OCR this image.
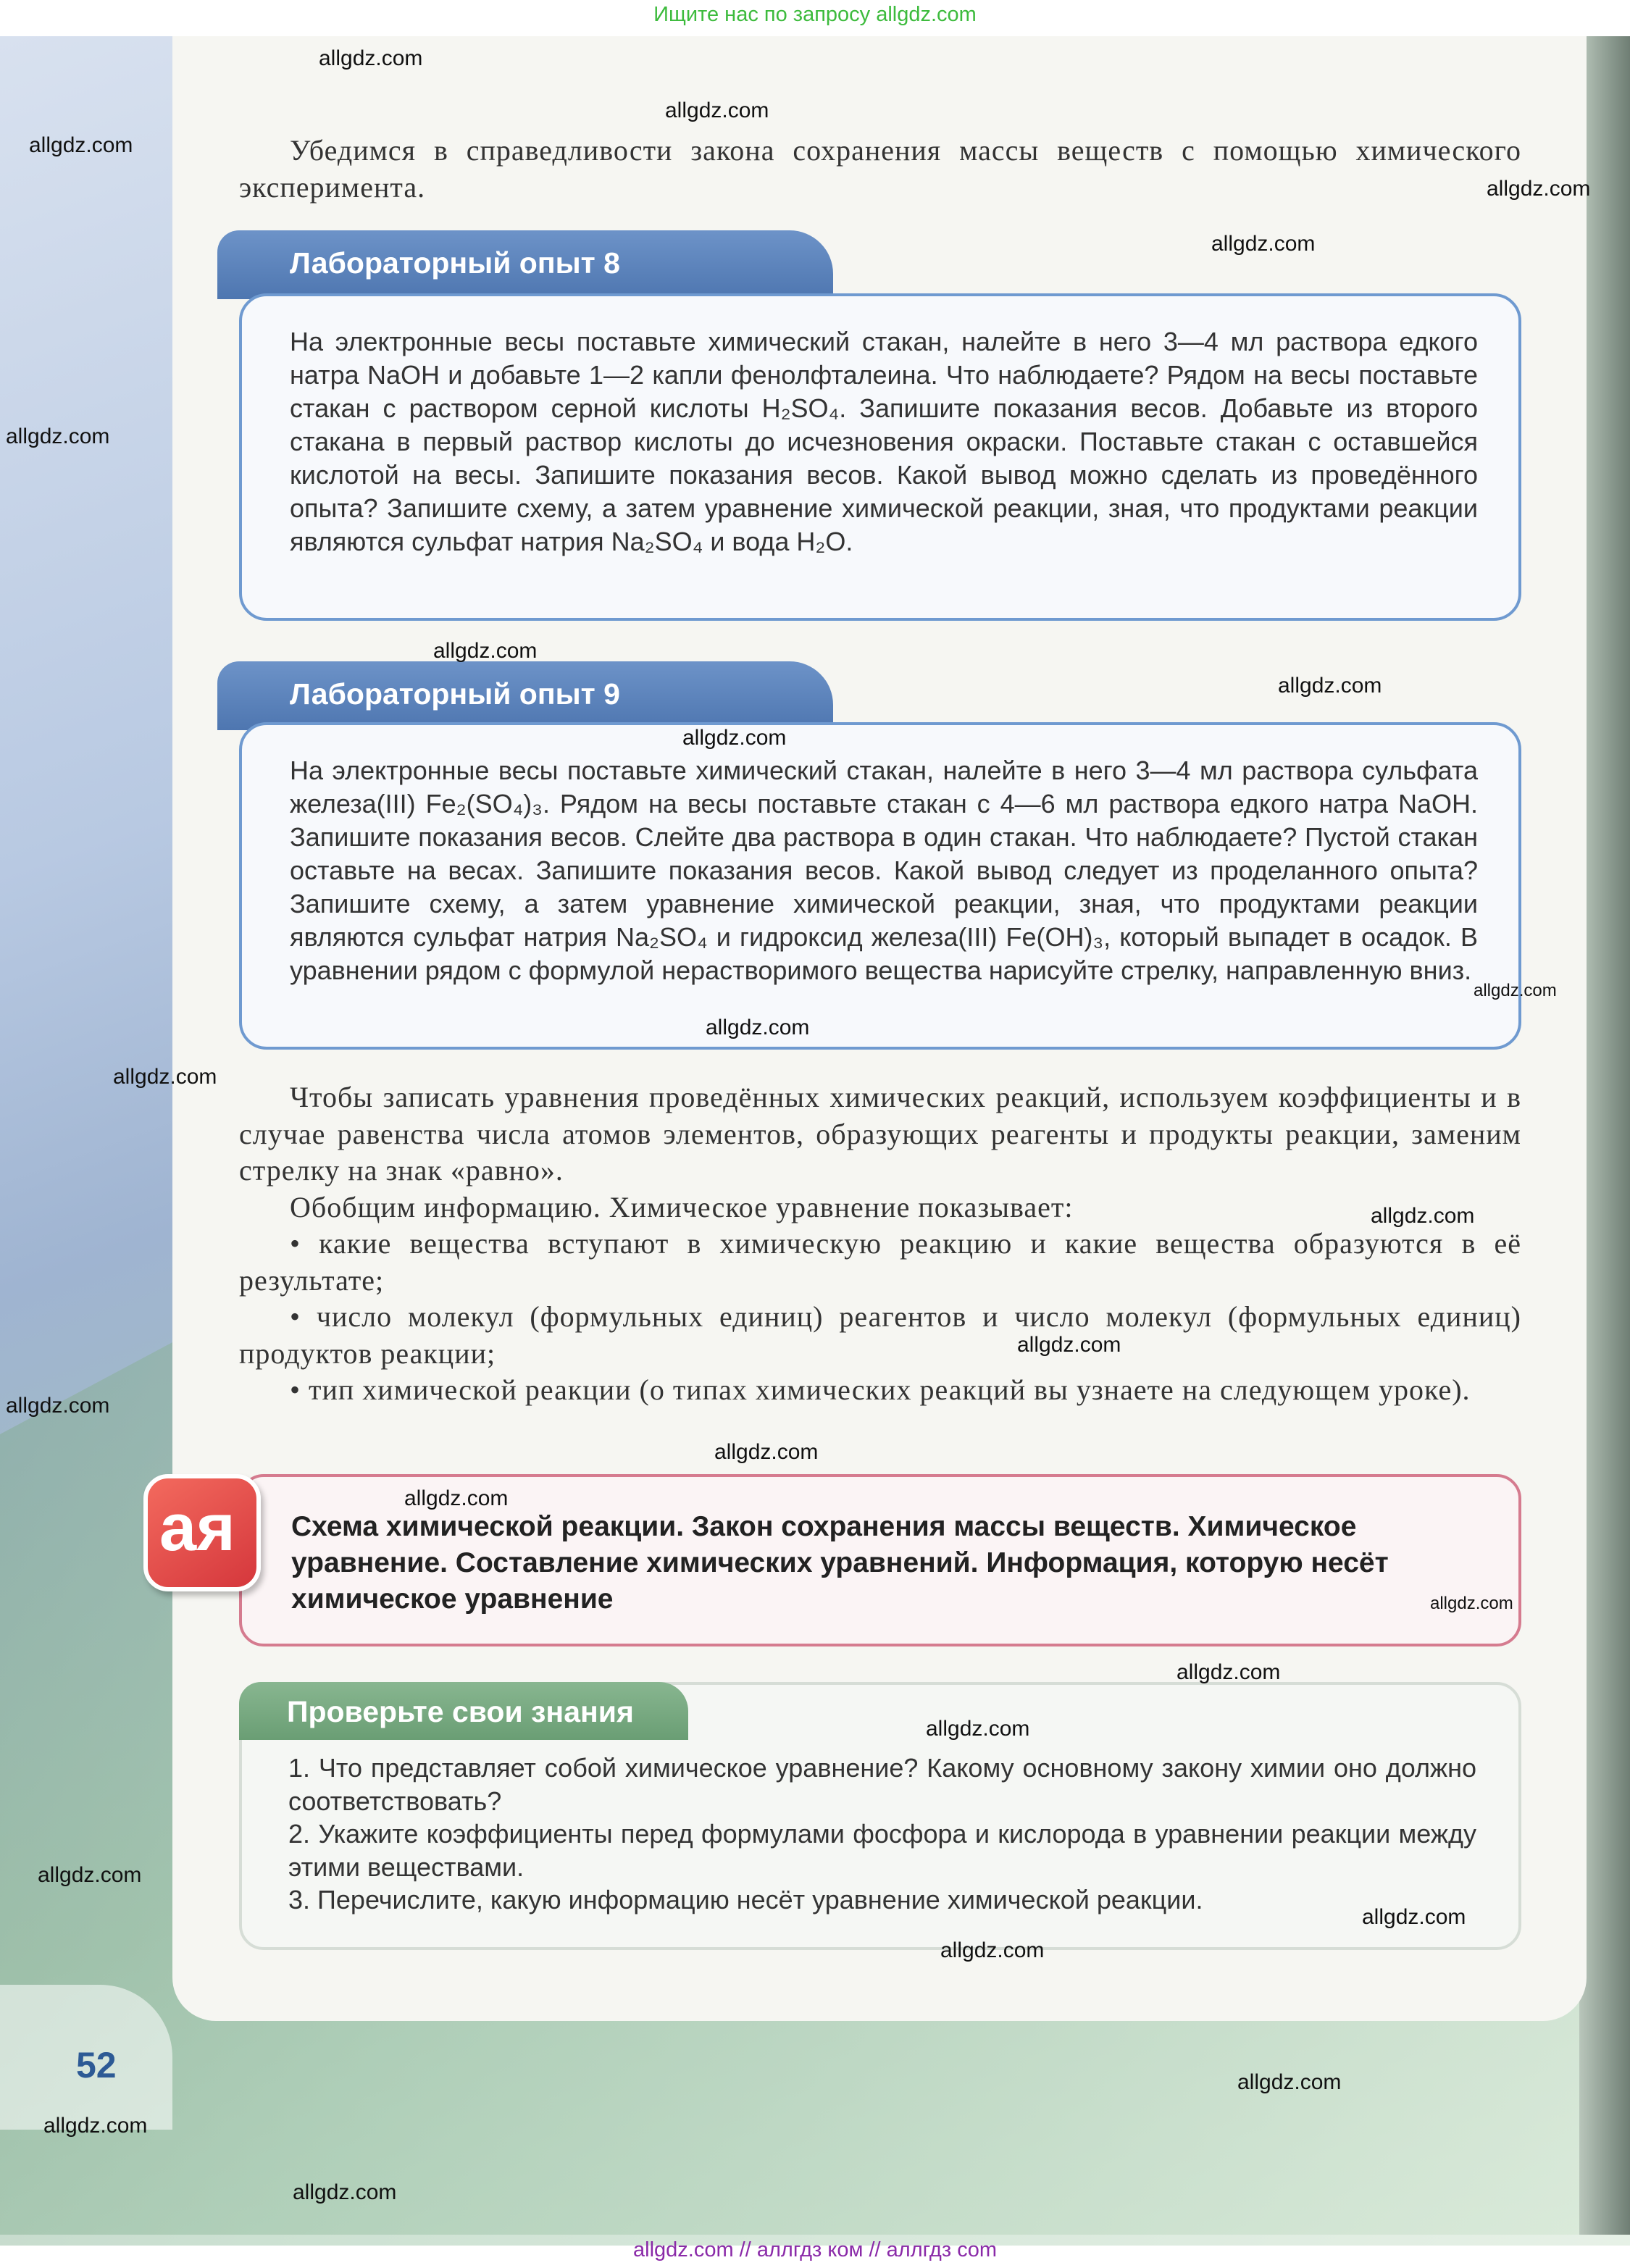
Ищите нас по запросу allgdz.com

Убедимся в справедливости закона сохранения массы веществ с помощью химического эксперимента.

Лабораторный опыт 8
На электронные весы поставьте химический стакан, налейте в него 3—4 мл раствора едкого натра NaOH и добавьте 1—2 капли фенолфталеина. Что наблюдаете? Рядом на весы поставьте стакан с раствором серной кислоты H₂SO₄. Запишите показания весов. Добавьте из второго стакана в первый раствор кислоты до исчезновения окраски. Поставьте стакан с оставшейся кислотой на весы. Запишите показания весов. Какой вывод можно сделать из проведённого опыта? Запишите схему, а затем уравнение химической реакции, зная, что продуктами реакции являются сульфат натрия Na₂SO₄ и вода H₂O.
Лабораторный опыт 9
На электронные весы поставьте химический стакан, налейте в него 3—4 мл раствора сульфата железа(III) Fe₂(SO₄)₃. Рядом на весы поставьте стакан с 4—6 мл раствора едкого натра NaOH. Запишите показания весов. Слейте два раствора в один стакан. Что наблюдаете? Пустой стакан оставьте на весах. Запишите показания весов. Какой вывод следует из проделанного опыта? Запишите схему, а затем уравнение химической реакции, зная, что продуктами реакции являются сульфат натрия Na₂SO₄ и гидроксид железа(III) Fe(OH)₃, который выпадет в осадок. В уравнении рядом с формулой нерастворимого вещества нарисуйте стрелку, направленную вниз.

Чтобы записать уравнения проведённых химических реакций, используем коэффициенты и в случае равенства числа атомов элементов, образующих реагенты и продукты реакции, заменим стрелку на знак «равно».

Обобщим информацию. Химическое уравнение показывает:

• какие вещества вступают в химическую реакцию и какие вещества образуются в её результате;

• число молекул (формульных единиц) реагентов и число молекул (формульных единиц) продуктов реакции;

• тип химической реакции (о типах химических реакций вы узнаете на следующем уроке).

Схема химической реакции. Закон сохранения массы веществ. Химическое уравнение. Составление химических уравнений. Информация, которую несёт химическое уравнение
ая
Проверьте свои знания

1. Что представляет собой химическое уравнение? Какому основному закону химии оно должно соответствовать?

2. Укажите коэффициенты перед формулами фосфора и кислорода в уравнении реакции между этими веществами.

3. Перечислите, какую информацию несёт уравнение химической реакции.

52
allgdz.com
allgdz.com
allgdz.com
allgdz.com
allgdz.com
allgdz.com
allgdz.com
allgdz.com
allgdz.com
allgdz.com
allgdz.com
allgdz.com
allgdz.com
allgdz.com
allgdz.com
allgdz.com
allgdz.com
allgdz.com
allgdz.com
allgdz.com
allgdz.com
allgdz.com
allgdz.com
allgdz.com
allgdz.com
allgdz.com
allgdz.com // аллгдз ком // аллгдз com
